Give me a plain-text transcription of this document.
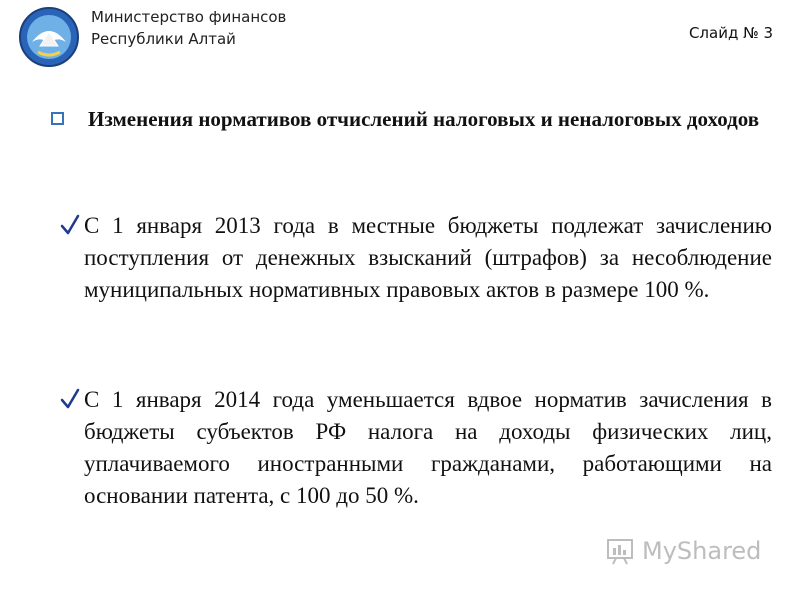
Министерство финансов
Республики Алтай	Слайд № 3
Изменения нормативов отчислений налоговых и неналоговых доходов
С 1 января 2013 года в местные бюджеты подлежат зачислению поступления от денежных взысканий (штрафов) за несоблюдение муниципальных нормативных правовых актов в размере 100 %.
С 1 января 2014 года уменьшается вдвое норматив зачисления в бюджеты субъектов РФ налога на доходы физических лиц, уплачиваемого иностранными гражданами, работающими на основании патента, с 100 до 50 %.
MyShared
